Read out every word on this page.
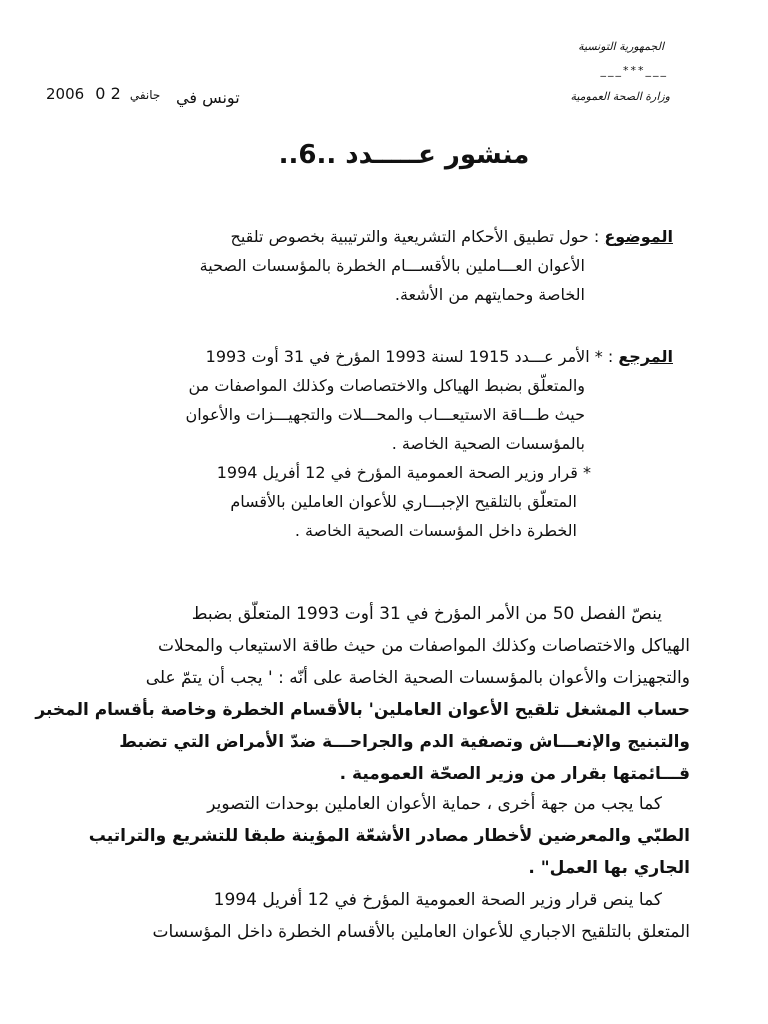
الجمهورية التونسية
___***___
وزارة الصحة العمومية
2006	جانفي 2 0	تونس في
منشور عـــــدد ..6..
الموضوع : حول تطبيق الأحكام التشريعية والترتيبية بخصوص تلقيح
الأعوان العـــاملين بالأقســـام الخطرة بالمؤسسات الصحية
الخاصة وحمايتهم من الأشعة.
المرجع : * الأمر عـــدد 1915 لسنة 1993 المؤرخ في 31 أوت 1993
والمتعلّق بضبط الهياكل والاختصاصات وكذلك المواصفات من
حيث طـــاقة الاستيعـــاب والمحـــلات والتجهيـــزات والأعوان
بالمؤسسات الصحية الخاصة .
* قرار وزير الصحة العمومية المؤرخ في 12 أفريل 1994
المتعلّق بالتلقيح الإجبـــاري للأعوان العاملين بالأقسام
الخطرة داخل المؤسسات الصحية الخاصة .
ينصّ الفصل 50 من الأمر المؤرخ في 31 أوت 1993 المتعلّق بضبط
الهياكل والاختصاصات وكذلك المواصفات من حيث طاقة الاستيعاب والمحلات
والتجهيزات والأعوان بالمؤسسات الصحية الخاصة على أنّه : ' يجب أن يتمّ على
حساب المشغل تلقيح الأعوان العاملين' بالأقسام الخطرة وخاصة بأقسام المخبر
والتبنيج والإنعـــاش وتصفية الدم والجراحـــة ضدّ الأمراض التي تضبط
قـــائمتها بقرار من وزير الصحّة العمومية .
كما يجب من جهة أخرى ، حماية الأعوان العاملين بوحدات التصوير
الطبّي والمعرضين لأخطار مصادر الأشعّة المؤينة طبقا للتشريع والتراتيب
الجاري بها العمل" .
كما ينص قرار وزير الصحة العمومية المؤرخ في 12 أفريل 1994
المتعلق بالتلقيح الاجباري للأعوان العاملين بالأقسام الخطرة داخل المؤسسات
